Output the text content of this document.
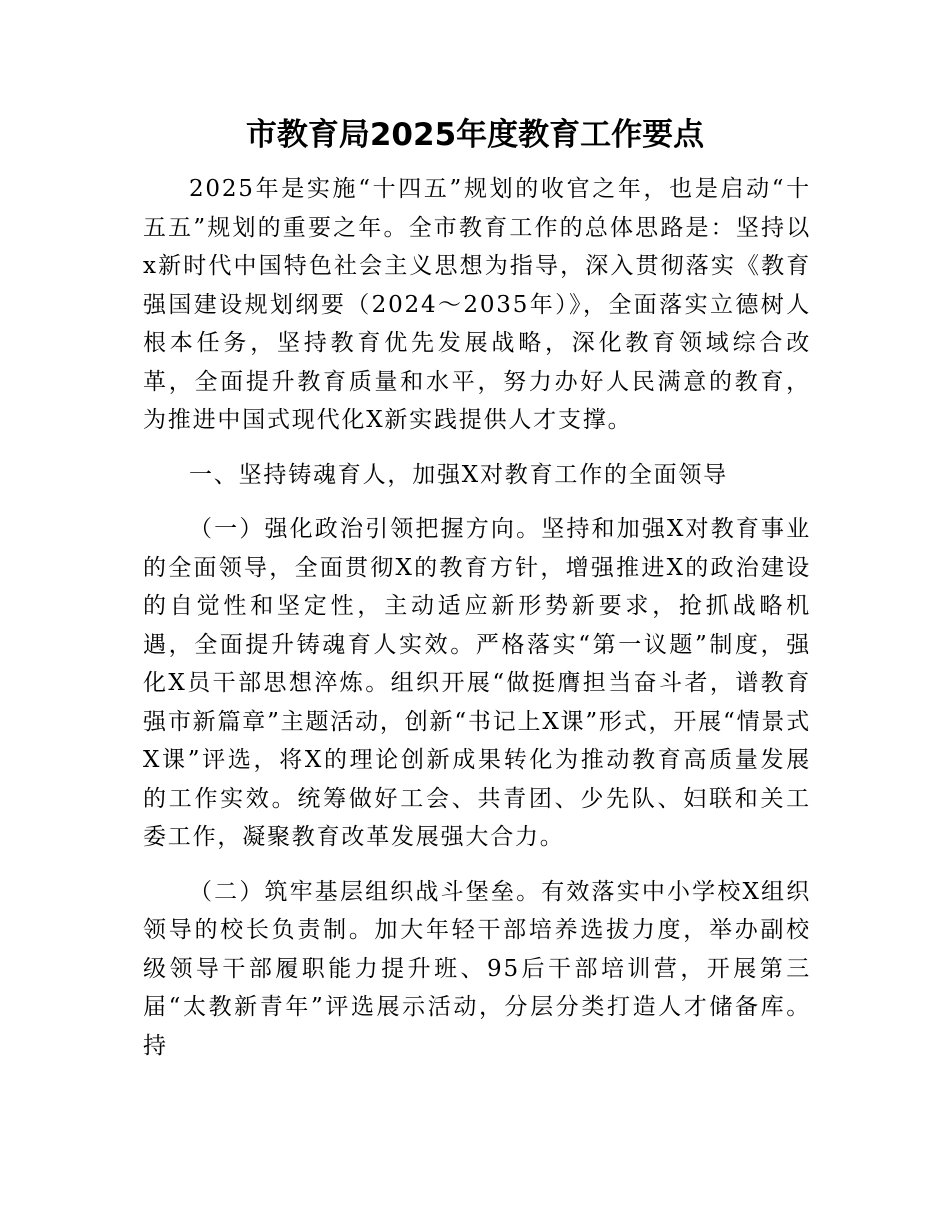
市教育局2025年度教育工作要点

2025年是实施“十四五”规划的收官之年，也是启动“十五五”规划的重要之年。全市教育工作的总体思路是：坚持以x新时代中国特色社会主义思想为指导，深入贯彻落实《教育强国建设规划纲要（2024～2035年）》，全面落实立德树人根本任务，坚持教育优先发展战略，深化教育领域综合改革，全面提升教育质量和水平，努力办好人民满意的教育，为推进中国式现代化X新实践提供人才支撑。

一、坚持铸魂育人，加强X对教育工作的全面领导

（一）强化政治引领把握方向。坚持和加强X对教育事业的全面领导，全面贯彻X的教育方针，增强推进X的政治建设的自觉性和坚定性，主动适应新形势新要求，抢抓战略机遇，全面提升铸魂育人实效。严格落实“第一议题”制度，强化X员干部思想淬炼。组织开展“做挺膺担当奋斗者，谱教育强市新篇章”主题活动，创新“书记上X课”形式，开展“情景式X课”评选，将X的理论创新成果转化为推动教育高质量发展的工作实效。统筹做好工会、共青团、少先队、妇联和关工委工作，凝聚教育改革发展强大合力。

（二）筑牢基层组织战斗堡垒。有效落实中小学校X组织领导的校长负责制。加大年轻干部培养选拔力度，举办副校级领导干部履职能力提升班、95后干部培训营，开展第三届“太教新青年”评选展示活动，分层分类打造人才储备库。持
